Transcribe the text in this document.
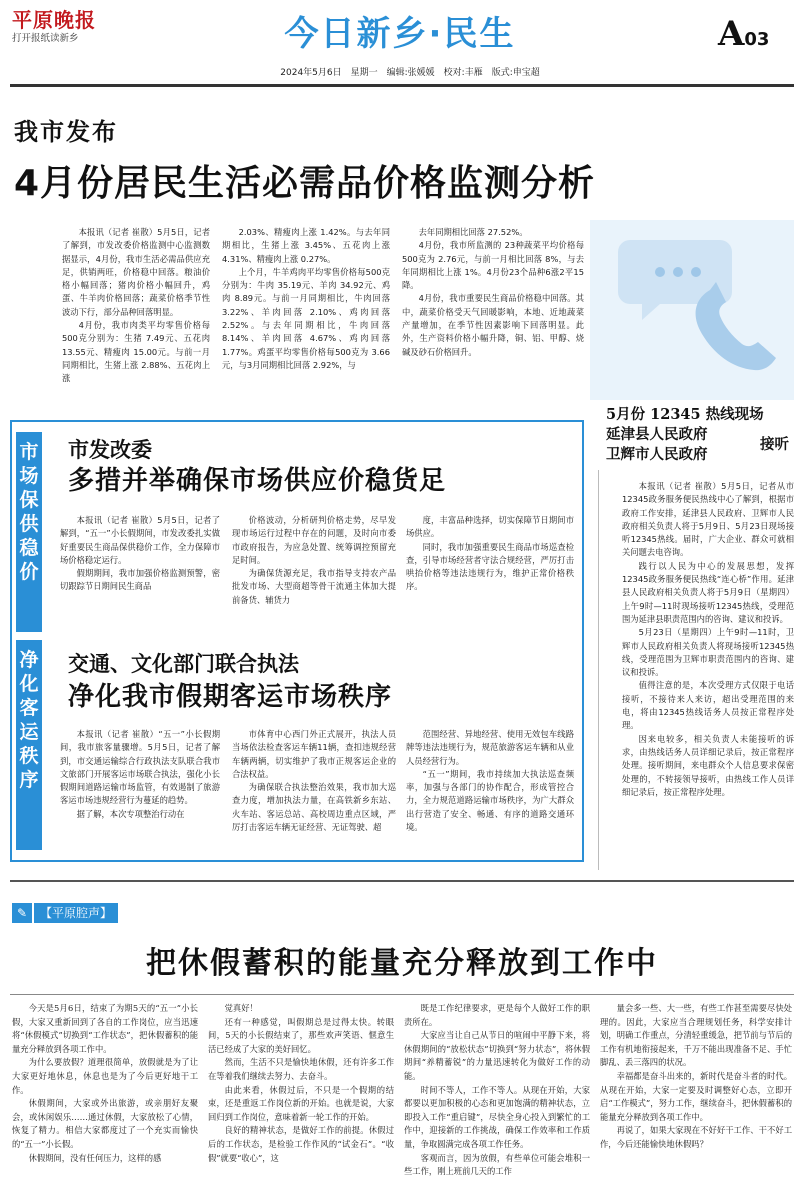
平原晚报
打开报纸读新乡	今日新乡·民生	A03
2024年5月6日　星期一　编辑:张媛媛　校对:丰雁　版式:申宝超
我市发布
4月份居民生活必需品价格监测分析

本报讯（记者 崔散）5月5日，记者了解到，市发改委价格监测中心监测数据显示，4月份，我市生活必需品供应充足，供销两旺，价格稳中回落。粮油价格小幅回落；猪肉价格小幅回升，鸡蛋、牛羊肉价格回落；蔬菜价格季节性波动下行，部分品种回落明显。

4月份，我市肉类平均零售价格每500克分别为：生猪 7.49元、五花肉 13.55元、精瘦肉 15.00元。与前一月同期相比，生猪上涨 2.88%、五花肉上涨

2.03%、精瘦肉上涨 1.42%。与去年同期相比，生猪上涨 3.45%、五花肉上涨 4.31%、精瘦肉上涨 0.27%。

上个月，牛羊鸡肉平均零售价格每500克分别为：牛肉 35.19元、羊肉 34.92元、鸡肉 8.89元。与前一月同期相比，牛肉回落 3.22%、羊肉回落 2.10%、鸡肉回落 2.52%。与去年同期相比，牛肉回落 8.14%、羊肉回落 4.67%、鸡肉回落 1.77%。鸡蛋平均零售价格每500克为 3.66元，与3月同期相比回落 2.92%，与

去年同期相比回落 27.52%。

4月份，我市所监测的 23种蔬菜平均价格每500克为 2.76元，与前一月相比回落 8%，与去年同期相比上涨 1%。4月份23个品种6涨2平15降。

4月份，我市重要民生商品价格稳中回落。其中，蔬菜价格受天气回暖影响，本地、近地蔬菜产量增加，在季节性因素影响下回落明显。此外，生产资料价格小幅升降，铜、铝、甲醇、烧碱及砂石价格回升。

5月份 12345 热线现场
延津县人民政府
卫辉市人民政府
接听

本报讯（记者 崔散）5月5日，记者从市12345政务服务便民热线中心了解到，根据市政府工作安排，延津县人民政府、卫辉市人民政府相关负责人将于5月9日、5月23日现场接听12345热线。届时，广大企业、群众可就相关问题去电咨询。

践行以人民为中心的发展思想，发挥12345政务服务便民热线“连心桥”作用。延津县人民政府相关负责人将于5月9日（星期四）上午9时—11时现场接听12345热线，受理范围为延津县职责范围内的咨询、建议和投诉。

5月23日（星期四）上午9时—11时，卫辉市人民政府相关负责人将现场接听12345热线，受理范围为卫辉市职责范围内的咨询、建议和投诉。

值得注意的是，本次受理方式仅限于电话接听，不接待来人来访，超出受理范围的来电，将由12345热线话务人员按正常程序处理。

因来电较多，相关负责人未能接听的诉求，由热线话务人员详细记录后，按正常程序处理。接听期间，来电群众个人信息要求保密处理的，不转接领导接听，由热线工作人员详细记录后，按正常程序处理。

市
场
保
供
稳
价
净
化
客
运
秩
序
市发改委
多措并举确保市场供应价稳货足

本报讯（记者 崔散）5月5日，记者了解到，“五一”小长假期间，市发改委扎实做好重要民生商品保供稳价工作，全力保障市场价格稳定运行。

假期期间，我市加强价格监测预警，密切跟踪节日期间民生商品

价格波动，分析研判价格走势，尽早发现市场运行过程中存在的问题，及时向市委市政府报告，为应急处置、统筹调控预留充足时间。

为确保货源充足，我市指导支持农产品批发市场、大型商超等骨干流通主体加大提前备货、辅货力

度，丰富品种选择，切实保障节日期间市场供应。

同时，我市加强重要民生商品市场巡查检查，引导市场经营者守法合规经营，严厉打击哄抬价格等违法违规行为，维护正常价格秩序。

交通、文化部门联合执法
净化我市假期客运市场秩序

本报讯（记者 崔散）“五一”小长假期间，我市旅客量骤增。5月5日，记者了解到，市交通运输综合行政执法支队联合我市文旅部门开展客运市场联合执法，强化小长假期间道路运输市场监管，有效遏制了旅游客运市场违规经营行为蔓延的趋势。

据了解，本次专项整治行动在

市体育中心西门外正式展开，执法人员当场依法检查客运车辆11辆，查扣违规经营车辆两辆，切实维护了我市正规客运企业的合法权益。

为确保联合执法整治效果，我市加大巡查力度，增加执法力量，在高铁新乡东站、火车站、客运总站、高校周边重点区域，严厉打击客运车辆无证经营、无证驾驶、超

范围经营、异地经营、使用无效包车线路牌等违法违规行为，规范旅游客运车辆和从业人员经营行为。

“五一”期间，我市持续加大执法巡查频率，加强与各部门的协作配合，形成管控合力，全力规范道路运输市场秩序，为广大群众出行营造了安全、畅通、有序的道路交通环境。

✎ 【平原腔声】
把休假蓄积的能量充分释放到工作中

今天是5月6日，结束了为期5天的“五一”小长假，大家又重新回到了各自的工作岗位，应当迅速将“休假模式”切换到“工作状态”，把休假蓄积的能量充分释放到各项工作中。

为什么要放假？道理很简单，放假就是为了让大家更好地休息，休息也是为了今后更好地干工作。

休假期间，大家或外出旅游，或亲朋好友聚会，或休闲娱乐……通过休假，大家放松了心情，恢复了精力。相信大家都度过了一个充实而愉快的“五一”小长假。

休假期间，没有任何压力，这样的感

觉真好！

还有一种感觉，叫假期总是过得太快。转眼间，5天的小长假结束了，那些欢声笑语、惬意生活已经成了大家的美好回忆。

然而，生活不只是愉快地休假，还有许多工作在等着我们继续去努力、去奋斗。

由此来看，休假过后，不只是一个假期的结束，还是重返工作岗位新的开始。也就是说，大家回归到工作岗位，意味着新一轮工作的开始。

良好的精神状态，是做好工作的前提。休假过后的工作状态，是检验工作作风的“试金石”。“收假”就要“收心”，这

既是工作纪律要求，更是每个人做好工作的职责所在。

大家应当让自己从节日的喧闹中平静下来，将休假期间的“放松状态”切换到“努力状态”，将休假期间“养精蓄锐”的力量迅速转化为做好工作的动能。

时间不等人，工作不等人。从现在开始，大家都要以更加积极的心态和更加饱满的精神状态，立即投入工作“重启键”，尽快全身心投入到繁忙的工作中，迎接新的工作挑战，确保工作效率和工作质量，争取圆满完成各项工作任务。

客观而言，因为放假，有些单位可能会堆积一些工作，刚上班前几天的工作

量会多一些、大一些，有些工作甚至需要尽快处理的。因此，大家应当合理规划任务，科学安排计划，明确工作重点，分清轻重缓急，把节前与节后的工作有机地衔接起来，千万不能出现准备不足、手忙脚乱、丢三落四的状况。

幸福都是奋斗出来的，新时代是奋斗者的时代。从现在开始，大家一定要及时调整好心态，立即开启“工作模式”，努力工作，继续奋斗，把休假蓄积的能量充分释放到各项工作中。

再说了，如果大家现在不好好干工作、干不好工作，今后还能愉快地休假吗？
